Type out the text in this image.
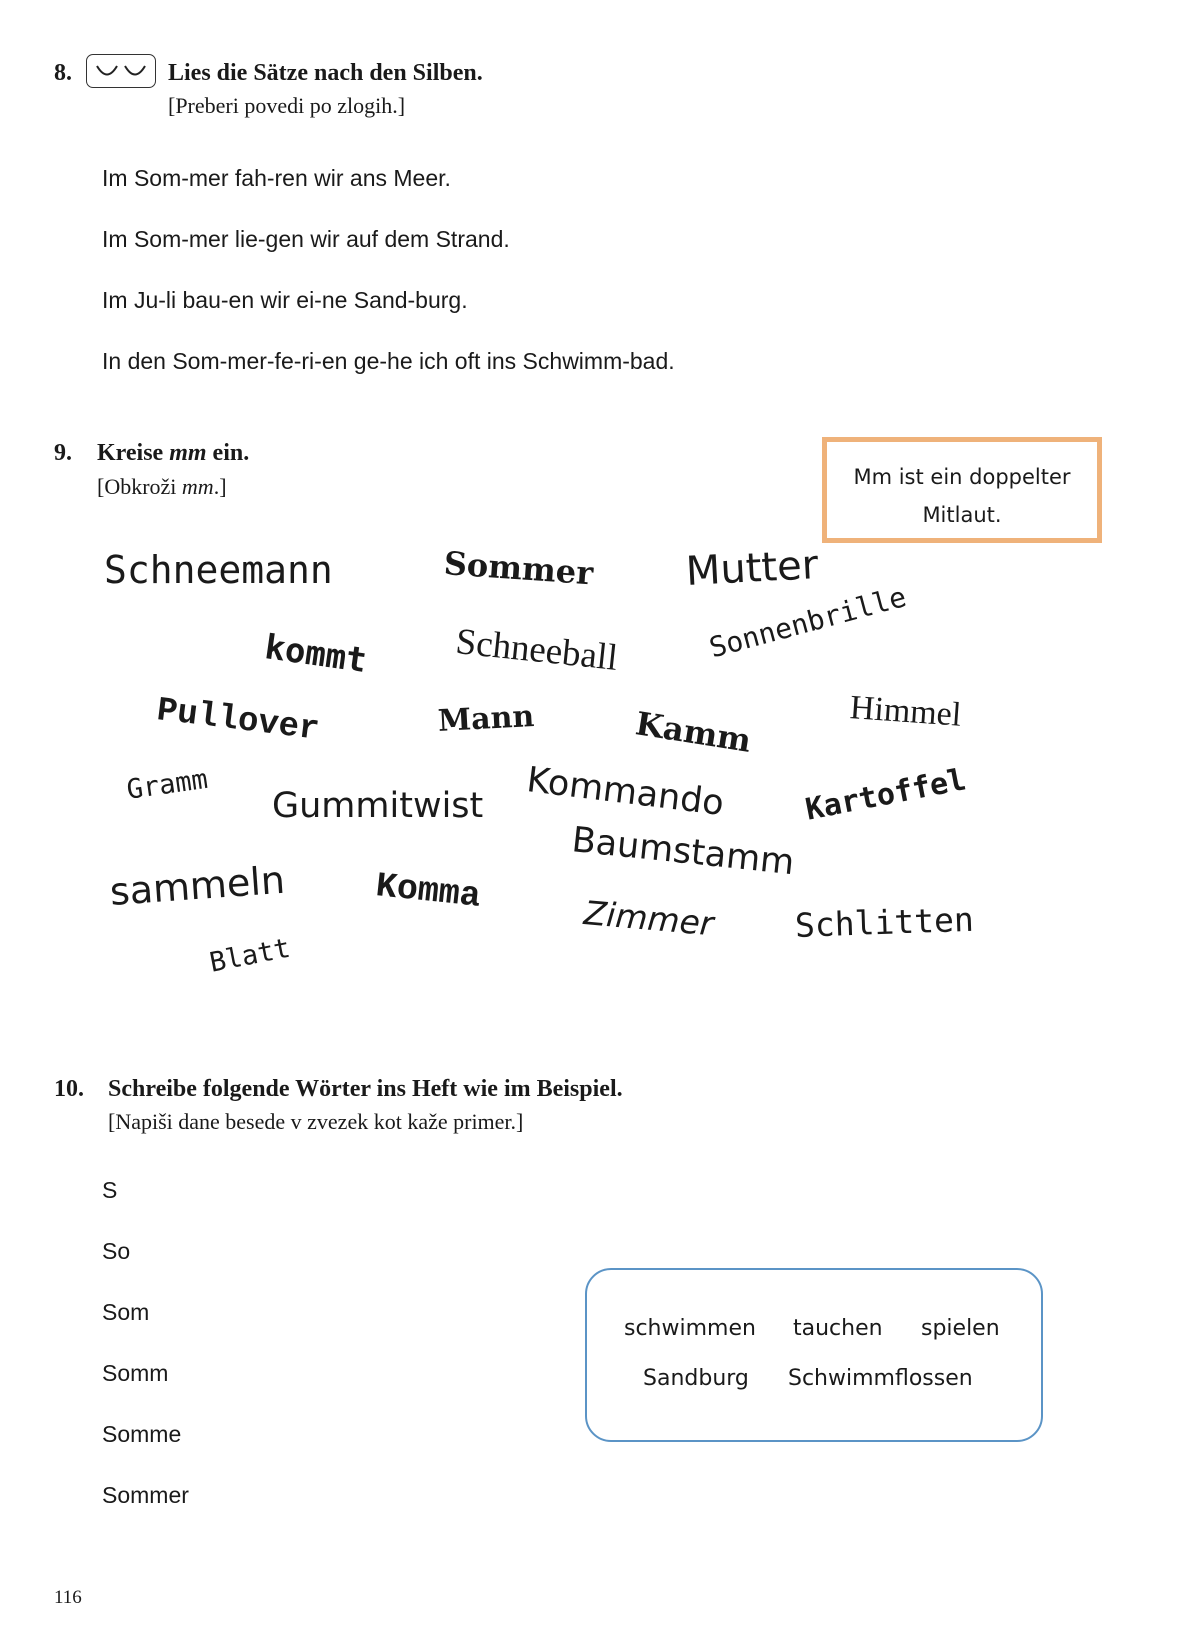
8.	Lies die Sätze nach den Silben.
[Preberi povedi po zlogih.]
Im Som-mer fah-ren wir ans Meer.
Im Som-mer lie-gen wir auf dem Strand.
Im Ju-li bau-en wir ei-ne Sand-burg.
In den Som-mer-fe-ri-en ge-he ich oft ins Schwimm-bad.
9. Kreise mm ein.
[Obkroži mm.]	Mm ist ein doppelter
Mitlaut.
Schneemann	Sommer Mutter
kommt Schneeball	Sonnenbrille
Pullover	Mann	Kamm	Himmel
Gramm
Gummitwist Kommando	Kartoffel
Baumstamm
sammeln	Komma
Zimmer Schlitten
Blatt
10. Schreibe folgende Wörter ins Heft wie im Beispiel.
[Napiši dane besede v zvezek kot kaže primer.]
S
So
Som
Somm
Somme
Sommer
schwimmen tauchen spielen
Sandburg Schwimmflossen
116
